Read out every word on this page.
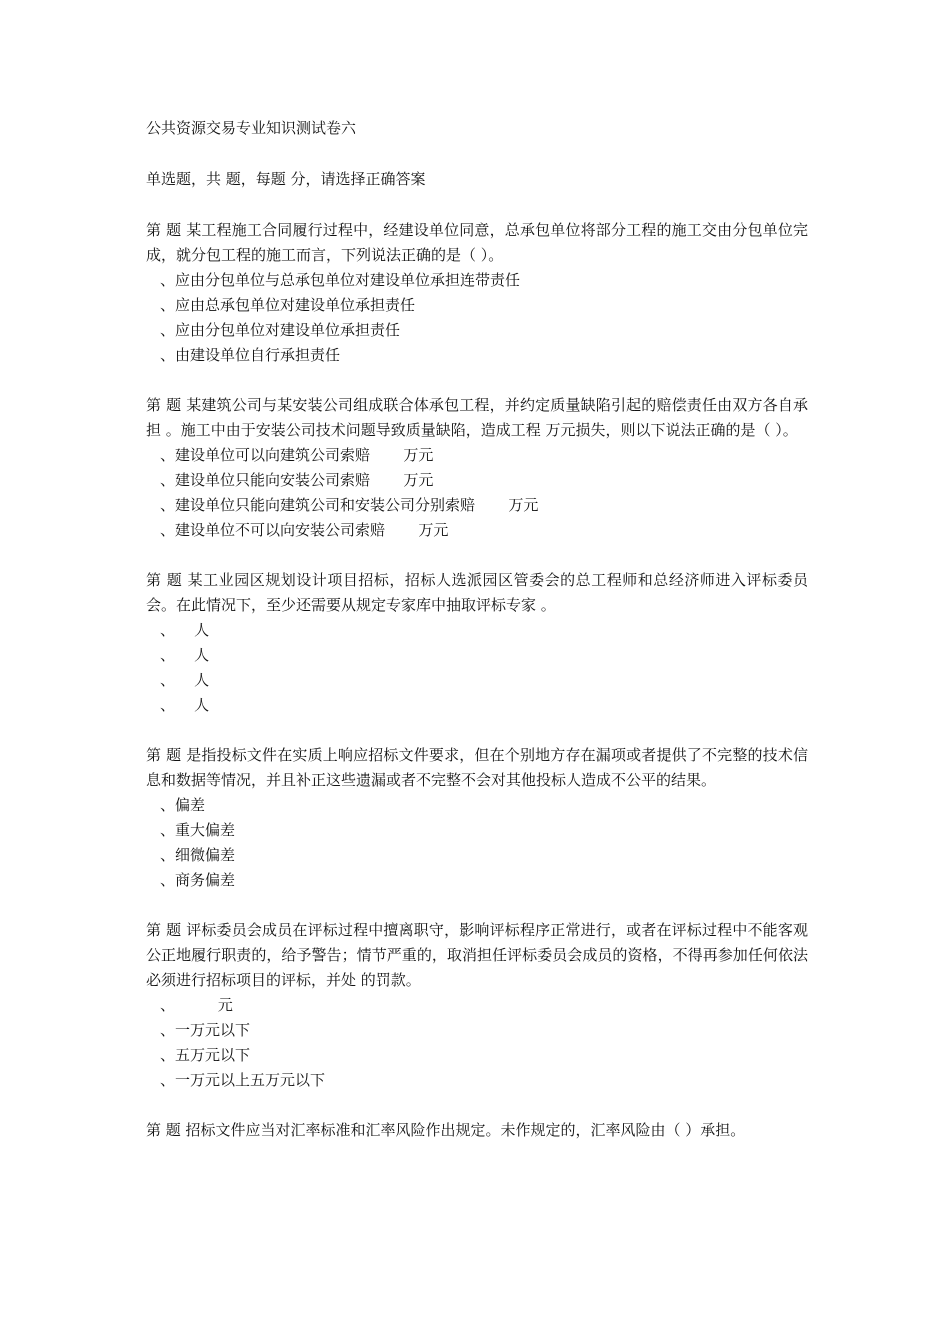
公共资源交易专业知识测试卷六
单选题，共 题，每题 分，请选择正确答案
第 题 某工程施工合同履行过程中，经建设单位同意，总承包单位将部分工程的施工交由分包单位完成，就分包工程的施工而言，下列说法正确的是（ ）。
、应由分包单位与总承包单位对建设单位承担连带责任
、应由总承包单位对建设单位承担责任
、应由分包单位对建设单位承担责任
、由建设单位自行承担责任
第 题 某建筑公司与某安装公司组成联合体承包工程，并约定质量缺陷引起的赔偿责任由双方各自承担 。施工中由于安装公司技术问题导致质量缺陷，造成工程 万元损失，则以下说法正确的是（ ）。
、建设单位可以向建筑公司索赔       万元
、建设单位只能向安装公司索赔       万元
、建设单位只能向建筑公司和安装公司分别索赔       万元
、建设单位不可以向安装公司索赔       万元
第 题 某工业园区规划设计项目招标，招标人选派园区管委会的总工程师和总经济师进入评标委员会。在此情况下，至少还需要从规定专家库中抽取评标专家 。
、    人
、    人
、    人
、    人
第 题 是指投标文件在实质上响应招标文件要求，但在个别地方存在漏项或者提供了不完整的技术信息和数据等情况，并且补正这些遗漏或者不完整不会对其他投标人造成不公平的结果。
、偏差
、重大偏差
、细微偏差
、商务偏差
第 题 评标委员会成员在评标过程中擅离职守，影响评标程序正常进行，或者在评标过程中不能客观公正地履行职责的，给予警告；情节严重的，取消担任评标委员会成员的资格，不得再参加任何依法必须进行招标项目的评标，并处 的罚款。
、         元
、一万元以下
、五万元以下
、一万元以上五万元以下
第 题 招标文件应当对汇率标准和汇率风险作出规定。未作规定的，汇率风险由（ ）承担。
